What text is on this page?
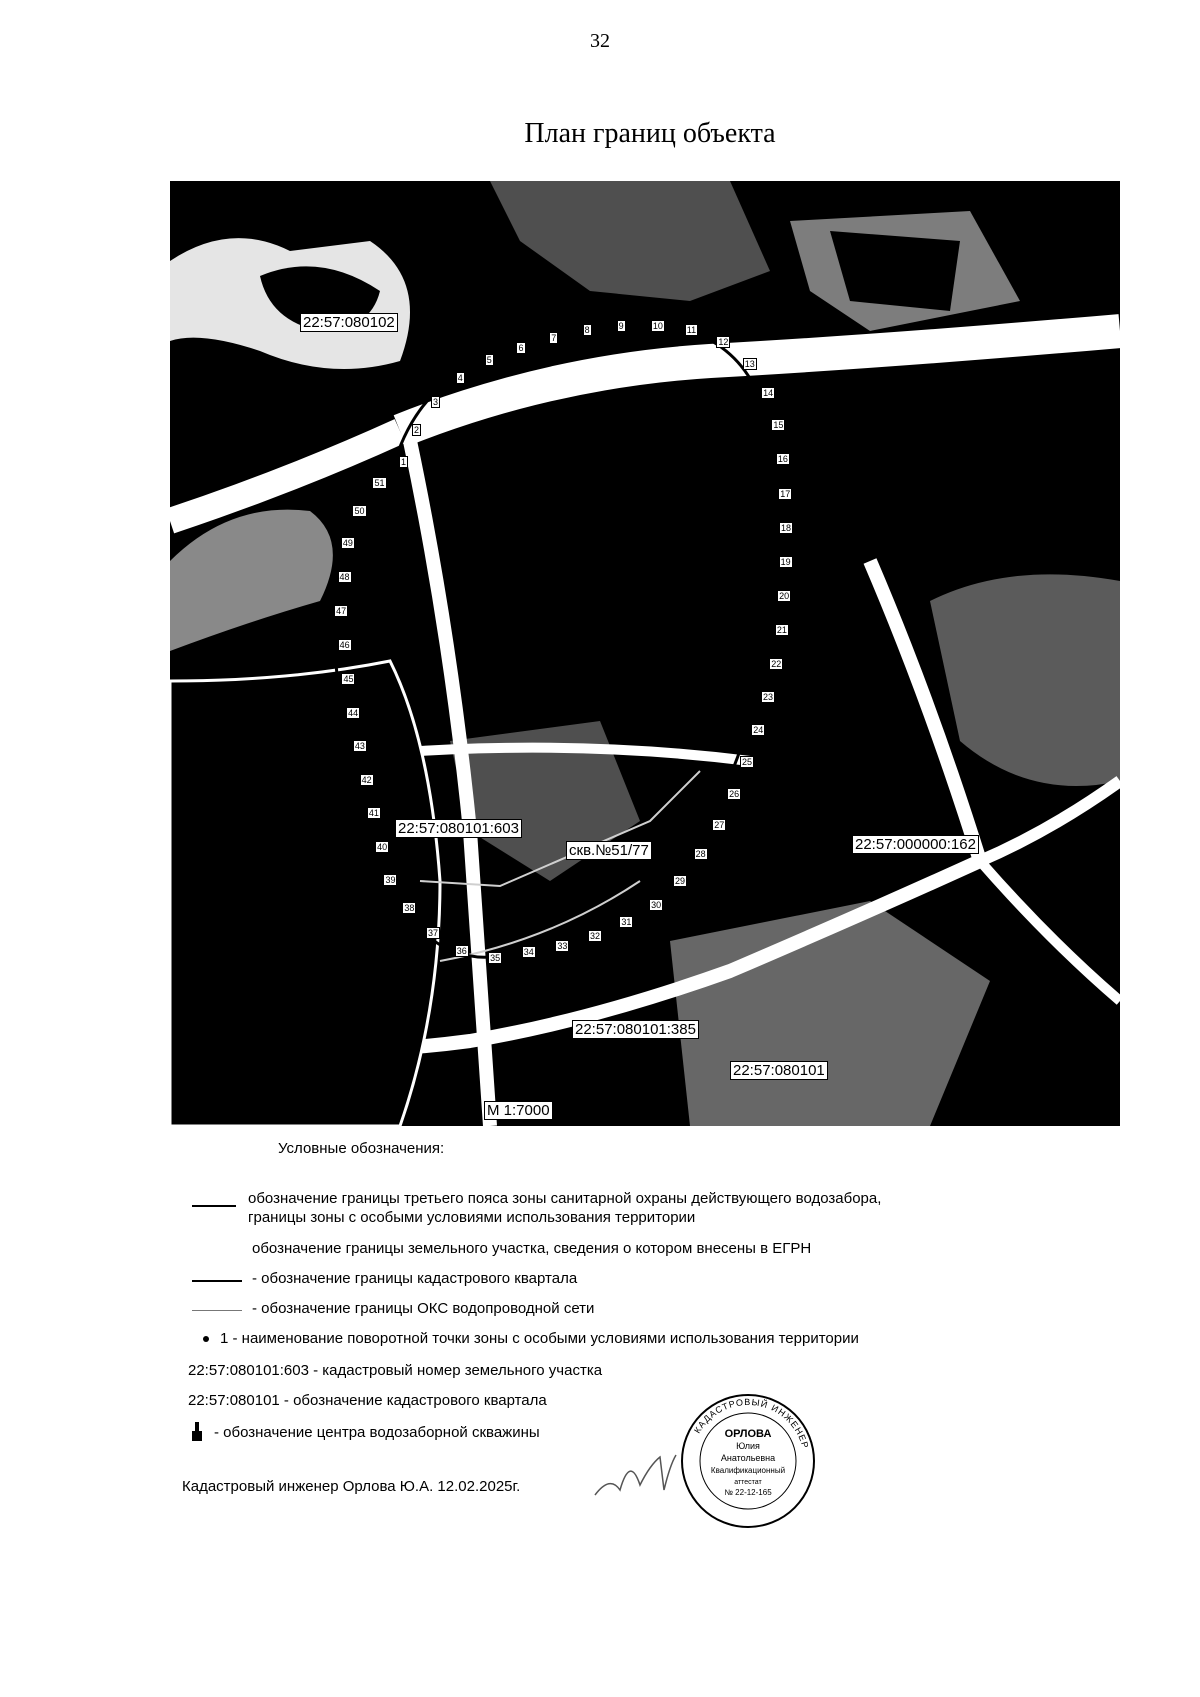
32
План границ объекта
22:57:080102
22:57:080101:603
скв.№51/77	22:57:000000:162
22:57:080101:385
22:57:080101
М 1:7000
1
2
3
4
5
6
7
8	9	10	11
12
13
14
15
16
17
18
19
20
21
22
23
24
25
26
27
28
29
30
31
32
33
34
35
36
37
38
39
40
41
42
43
44
45
46
47
48
49
50
51
Условные обозначения:
обозначение границы третьего пояса зоны санитарной охраны действующего водозабора,
границы зоны с особыми условиями использования территории
обозначение границы земельного участка, сведения о котором внесены в ЕГРН
- обозначение границы кадастрового квартала
- обозначение границы ОКС водопроводной сети
1 - наименование поворотной точки зоны с особыми условиями использования территории
22:57:080101:603 - кадастровый номер земельного участка
22:57:080101 - обозначение кадастрового квартала
- обозначение центра водозаборной скважины
Кадастровый инженер Орлова Ю.А. 12.02.2025г.
КАДАСТРОВЫЙ ИНЖЕНЕР
ОРЛОВА
Юлия
Анатольевна
Квалификационный
аттестат
№ 22-12-165
